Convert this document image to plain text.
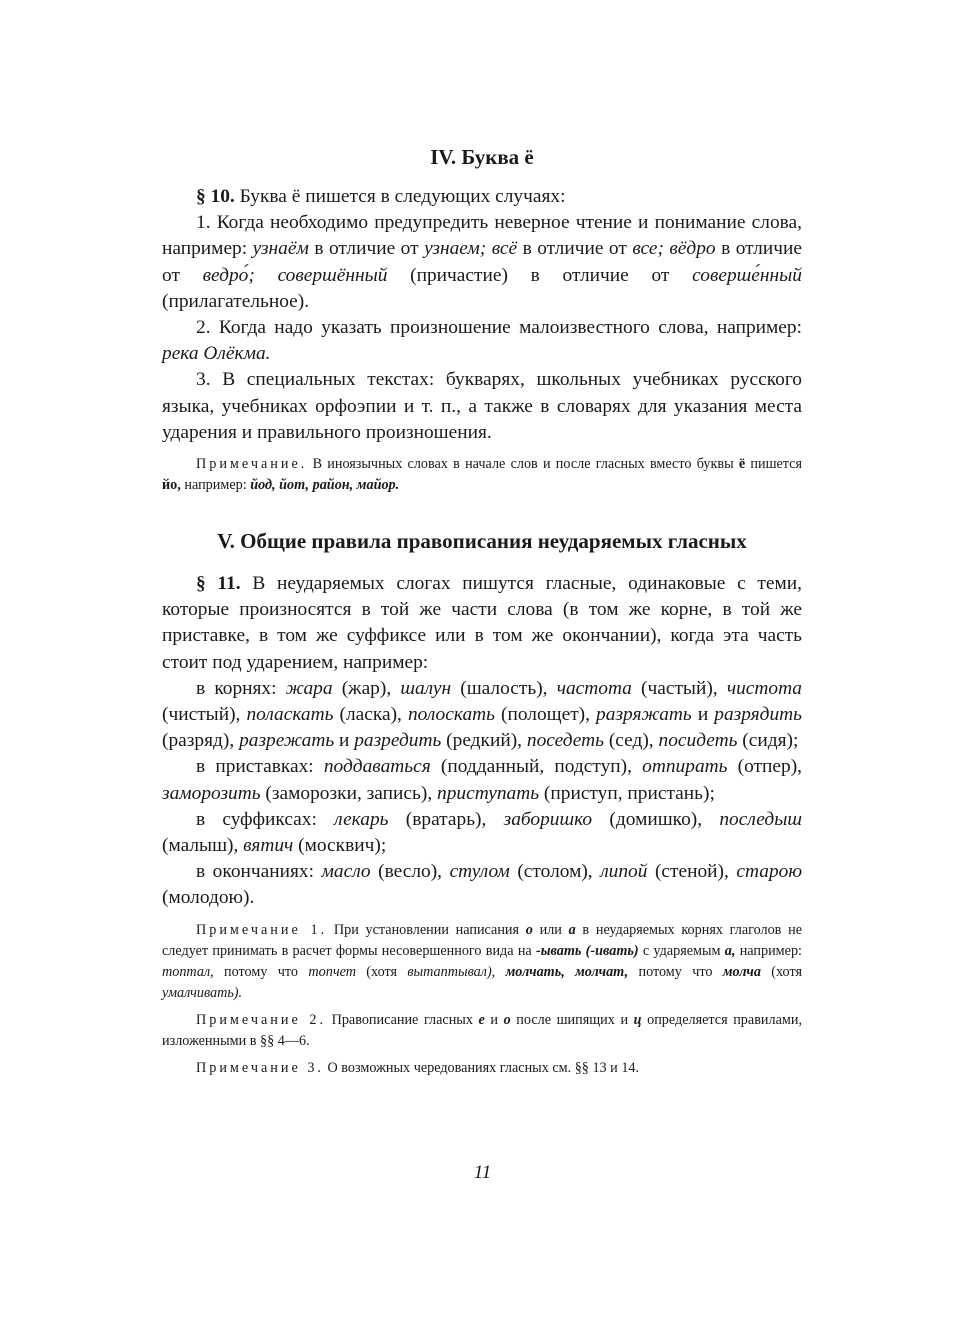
IV. Буква ё

§ 10. Буква ё пишется в следующих случаях:

1. Когда необходимо предупредить неверное чтение и понимание слова, например: узнаём в отличие от узнаем; всё в отличие от все; вёдро в отличие от ведро́; совершённый (причастие) в отличие от соверше́нный (прилагательное).

2. Когда надо указать произношение малоизвестного слова, например: река Олёкма.

3. В специальных текстах: букварях, школьных учебниках русского языка, учебниках орфоэпии и т. п., а также в словарях для указания места ударения и правильного произношения.

Примечание. В иноязычных словах в начале слов и после гласных вместо буквы ё пишется йо, например: йод, йот, район, майор.

V. Общие правила правописания неударяемых гласных

§ 11. В неударяемых слогах пишутся гласные, одинаковые с теми, которые произносятся в той же части слова (в том же корне, в той же приставке, в том же суффиксе или в том же окончании), когда эта часть стоит под ударением, например:

в корнях: жара (жар), шалун (шалость), частота (частый), чистота (чистый), поласкать (ласка), полоскать (полощет), разряжать и разрядить (разряд), разрежать и разредить (редкий), поседеть (сед), посидеть (сидя);

в приставках: поддаваться (подданный, подступ), отпирать (отпер), заморозить (заморозки, запись), приступать (приступ, пристань);

в суффиксах: лекарь (вратарь), заборишко (домишко), последыш (малыш), вятич (москвич);

в окончаниях: масло (весло), стулом (столом), липой (стеной), старою (молодою).

Примечание 1. При установлении написания о или а в неударяемых корнях глаголов не следует принимать в расчет формы несовершенного вида на -ывать (-ивать) с ударяемым а, например: топтал, потому что топчет (хотя вытаптывал), молчать, молчат, потому что молча (хотя умалчивать).

Примечание 2. Правописание гласных е и о после шипящих и ц определяется правилами, изложенными в §§ 4—6.

Примечание 3. О возможных чередованиях гласных см. §§ 13 и 14.

11
